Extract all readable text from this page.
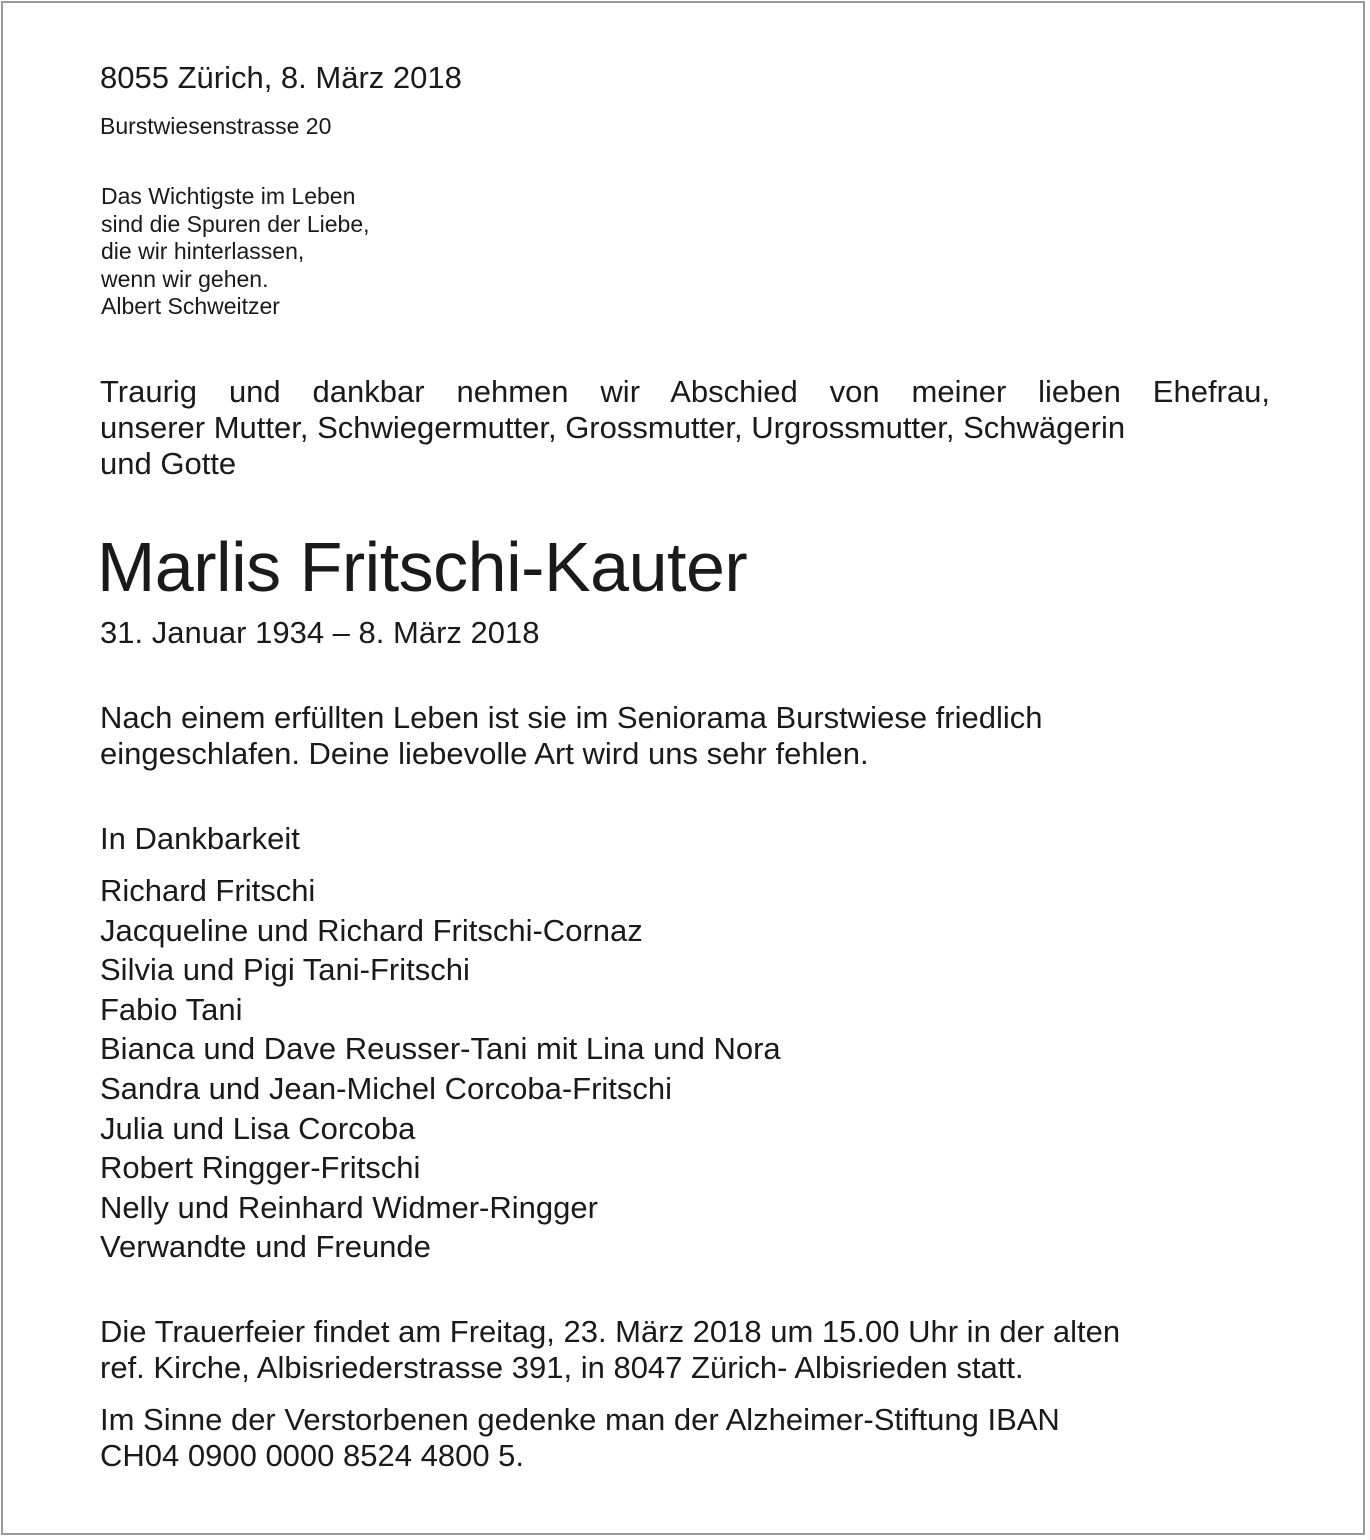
8055 Zürich, 8. März 2018

Burstwiesenstrasse 20

Das Wichtigste im Leben
sind die Spuren der Liebe,
die wir hinterlassen,
wenn wir gehen.
Albert Schweitzer
Traurig und dankbar nehmen wir Abschied von meiner lieben Ehefrau,
unserer Mutter, Schwiegermutter, Grossmutter, Urgrossmutter, Schwägerin
und Gotte
Marlis Fritschi-Kauter

31. Januar 1934 – 8. März 2018

Nach einem erfüllten Leben ist sie im Seniorama Burstwiese friedlich
eingeschlafen. Deine liebevolle Art wird uns sehr fehlen.

In Dankbarkeit

Richard Fritschi
Jacqueline und Richard Fritschi-Cornaz
Silvia und Pigi Tani-Fritschi
Fabio Tani
Bianca und Dave Reusser-Tani mit Lina und Nora
Sandra und Jean-Michel Corcoba-Fritschi
Julia und Lisa Corcoba
Robert Ringger-Fritschi
Nelly und Reinhard Widmer-Ringger
Verwandte und Freunde
Die Trauerfeier findet am Freitag, 23. März 2018 um 15.00 Uhr in der alten
ref. Kirche, Albisriederstrasse 391, in 8047 Zürich- Albisrieden statt.
Im Sinne der Verstorbenen gedenke man der Alzheimer-Stiftung IBAN
CH04 0900 0000 8524 4800 5.
